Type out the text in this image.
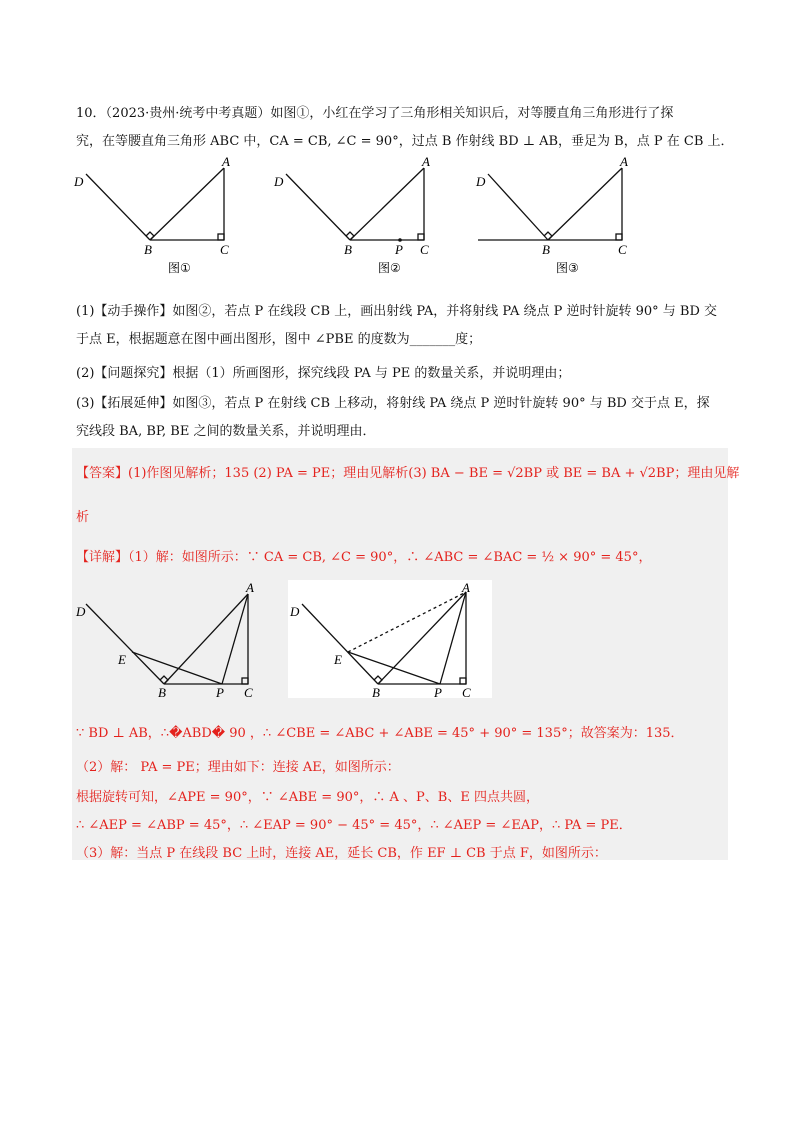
10．（2023·贵州·统考中考真题）如图①，小红在学习了三角形相关知识后，对等腰直角三角形进行了探
究，在等腰直角三角形 ABC 中，CA = CB, ∠C = 90°，过点 B 作射线 BD ⊥ AB，垂足为 B，点 P 在 CB 上．
D
A
B	C
图①
D
A
B	P C
图②
D
A
B	C
图③
(1)【动手操作】如图②，若点 P 在线段 CB 上，画出射线 PA，并将射线 PA 绕点 P 逆时针旋转 90° 与 BD 交
于点 E，根据题意在图中画出图形，图中 ∠PBE 的度数为_______度；
(2)【问题探究】根据（1）所画图形，探究线段 PA 与 PE 的数量关系，并说明理由；
(3)【拓展延伸】如图③，若点 P 在射线 CB 上移动，将射线 PA 绕点 P 逆时针旋转 90° 与 BD 交于点 E，探
究线段 BA, BP, BE 之间的数量关系，并说明理由．
【答案】(1)作图见解析；135 (2) PA = PE；理由见解析(3) BA − BE = √2BP 或 BE = BA + √2BP；理由见解
析
【详解】（1）解：如图所示：∵ CA = CB, ∠C = 90°，∴ ∠ABC = ∠BAC = ½ × 90° = 45°，
D
A
E
B	P C
D
A
E
B	P C
∵ BD ⊥ AB，∴�ABD� 90 ，∴ ∠CBE = ∠ABC + ∠ABE = 45° + 90° = 135°；故答案为：135．
（2）解： PA = PE；理由如下：连接 AE，如图所示：
根据旋转可知，∠APE = 90°，∵ ∠ABE = 90°，∴ A 、P、B、E 四点共圆，
∴ ∠AEP = ∠ABP = 45°，∴ ∠EAP = 90° − 45° = 45°，∴ ∠AEP = ∠EAP，∴ PA = PE．
（3）解：当点 P 在线段 BC 上时，连接 AE，延长 CB，作 EF ⊥ CB 于点 F，如图所示：
